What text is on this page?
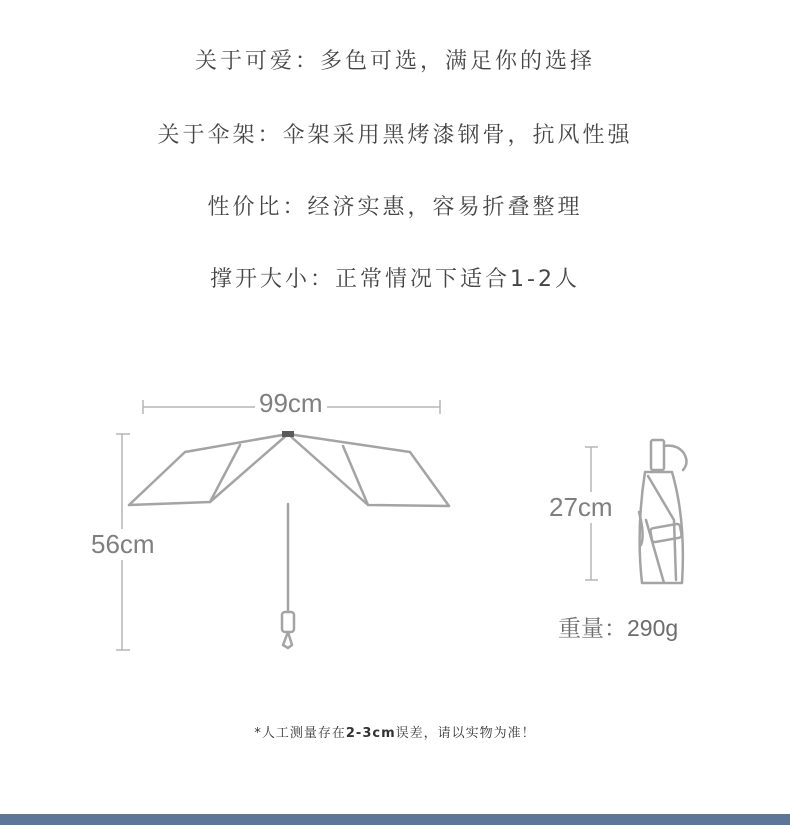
关于可爱：多色可选，满足你的选择
关于伞架：伞架采用黑烤漆钢骨，抗风性强
性价比：经济实惠，容易折叠整理
撑开大小：正常情况下适合1-2人
99cm
56cm
27cm
重量：290g
*人工测量存在2-3cm误差，请以实物为准！
